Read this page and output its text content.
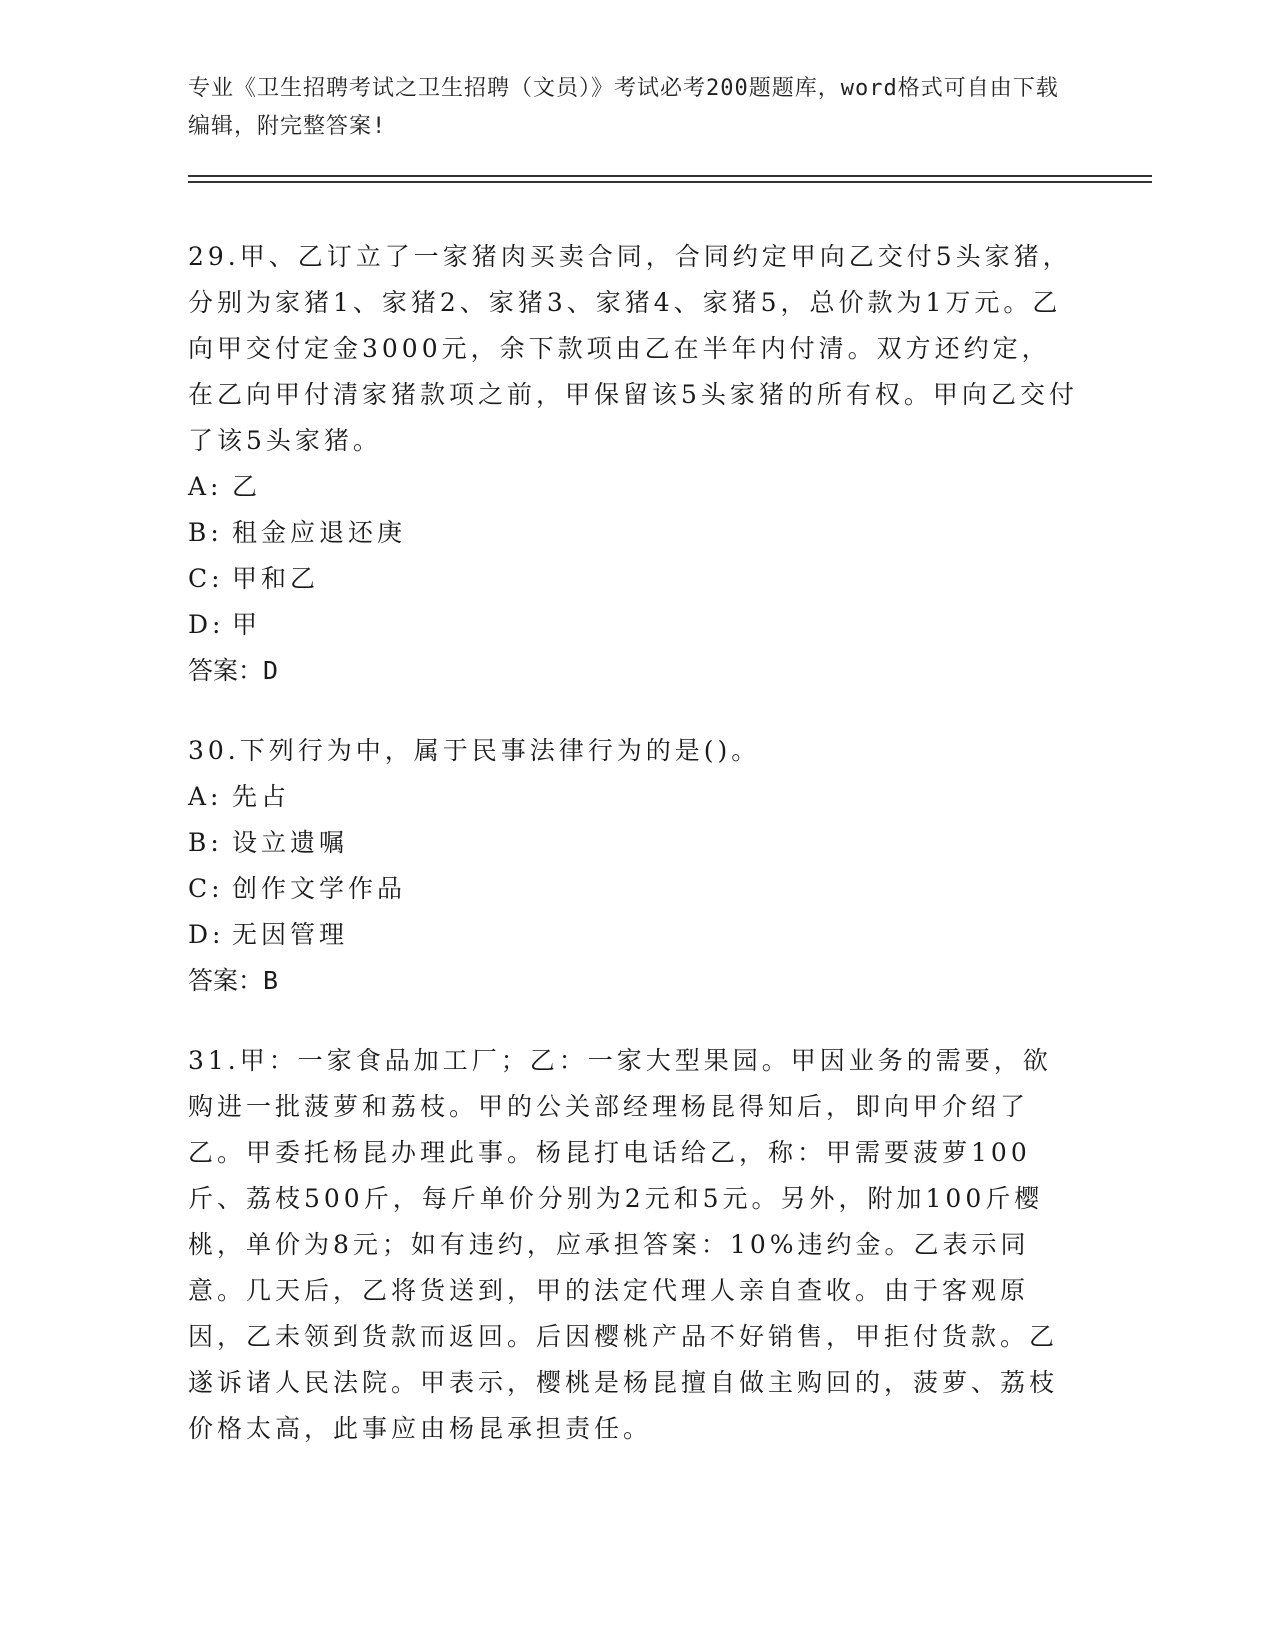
专业《卫生招聘考试之卫生招聘（文员）》考试必考200题题库，word格式可自由下载编辑，附完整答案!

29.甲、乙订立了一家猪肉买卖合同，合同约定甲向乙交付5头家猪，分别为家猪1、家猪2、家猪3、家猪4、家猪5，总价款为1万元。乙向甲交付定金3000元，余下款项由乙在半年内付清。双方还约定，在乙向甲付清家猪款项之前，甲保留该5头家猪的所有权。甲向乙交付了该5头家猪。

A: 乙

B: 租金应退还庚

C: 甲和乙

D: 甲

答案：D

30.下列行为中，属于民事法律行为的是()。

A: 先占

B: 设立遗嘱

C: 创作文学作品

D: 无因管理

答案：B

31.甲：一家食品加工厂；乙：一家大型果园。甲因业务的需要，欲购进一批菠萝和荔枝。甲的公关部经理杨昆得知后，即向甲介绍了乙。甲委托杨昆办理此事。杨昆打电话给乙，称：甲需要菠萝100斤、荔枝500斤，每斤单价分别为2元和5元。另外，附加100斤樱桃，单价为8元；如有违约，应承担答案：10%违约金。乙表示同意。几天后，乙将货送到，甲的法定代理人亲自查收。由于客观原因，乙未领到货款而返回。后因樱桃产品不好销售，甲拒付货款。乙遂诉诸人民法院。甲表示，樱桃是杨昆擅自做主购回的，菠萝、荔枝价格太高，此事应由杨昆承担责任。
